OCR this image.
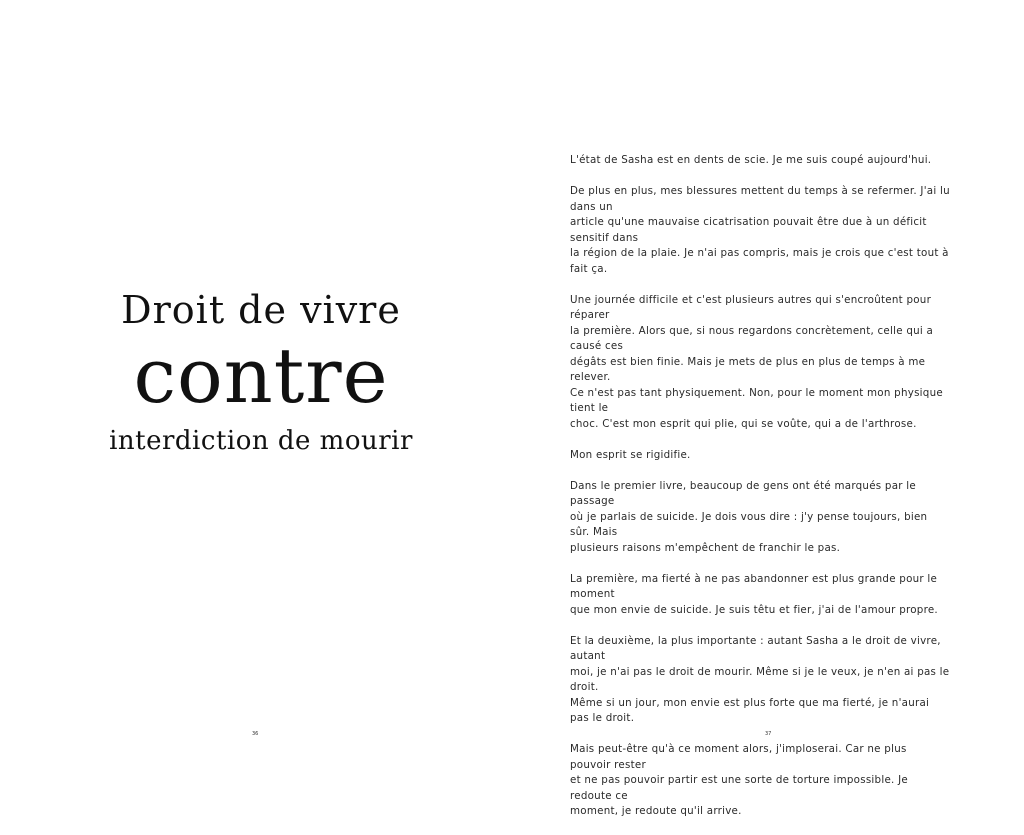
Droit de vivre
contre
interdiction de mourir
36

L'état de Sasha est en dents de scie. Je me suis coupé aujourd'hui.

De plus en plus, mes blessures mettent du temps à se refermer. J'ai lu dans un
article qu'une mauvaise cicatrisation pouvait être due à un déficit sensitif dans
la région de la plaie. Je n'ai pas compris, mais je crois que c'est tout à fait ça.

Une journée difficile et c'est plusieurs autres qui s'encroûtent pour réparer
la première. Alors que, si nous regardons concrètement, celle qui a causé ces
dégâts est bien finie. Mais je mets de plus en plus de temps à me relever.
Ce n'est pas tant physiquement. Non, pour le moment mon physique tient le
choc. C'est mon esprit qui plie, qui se voûte, qui a de l'arthrose.

Mon esprit se rigidifie.

Dans le premier livre, beaucoup de gens ont été marqués par le passage
où je parlais de suicide. Je dois vous dire : j'y pense toujours, bien sûr. Mais
plusieurs raisons m'empêchent de franchir le pas.

La première, ma fierté à ne pas abandonner est plus grande pour le moment
que mon envie de suicide. Je suis têtu et fier, j'ai de l'amour propre.

Et la deuxième, la plus importante : autant Sasha a le droit de vivre, autant
moi, je n'ai pas le droit de mourir. Même si je le veux, je n'en ai pas le droit.
Même si un jour, mon envie est plus forte que ma fierté, je n'aurai pas le droit.

Mais peut-être qu'à ce moment alors, j'imploserai. Car ne plus pouvoir rester
et ne pas pouvoir partir est une sorte de torture impossible. Je redoute ce
moment, je redoute qu'il arrive.

37
